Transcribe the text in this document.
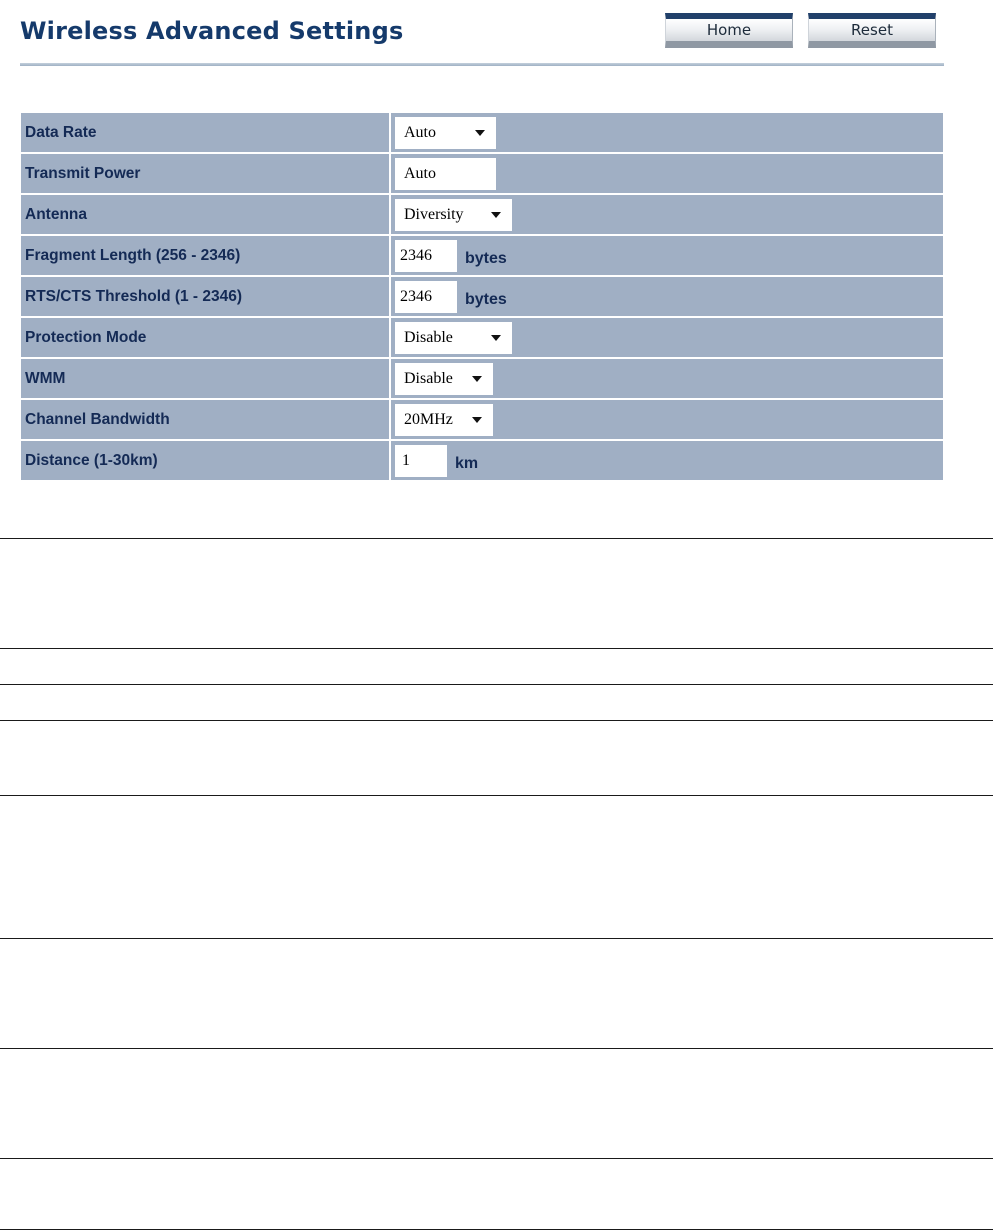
Wireless Advanced Settings	Home	Reset
Data Rate	Auto

Transmit Power	Auto

Antenna	Diversity

Fragment Length (256 - 2346)	2346 bytes
RTS/CTS Threshold (1 - 2346)	2346 bytes
Protection Mode	Disable

WMM	Disable

Channel Bandwidth	20MHz

Distance (1-30km)	1 km
